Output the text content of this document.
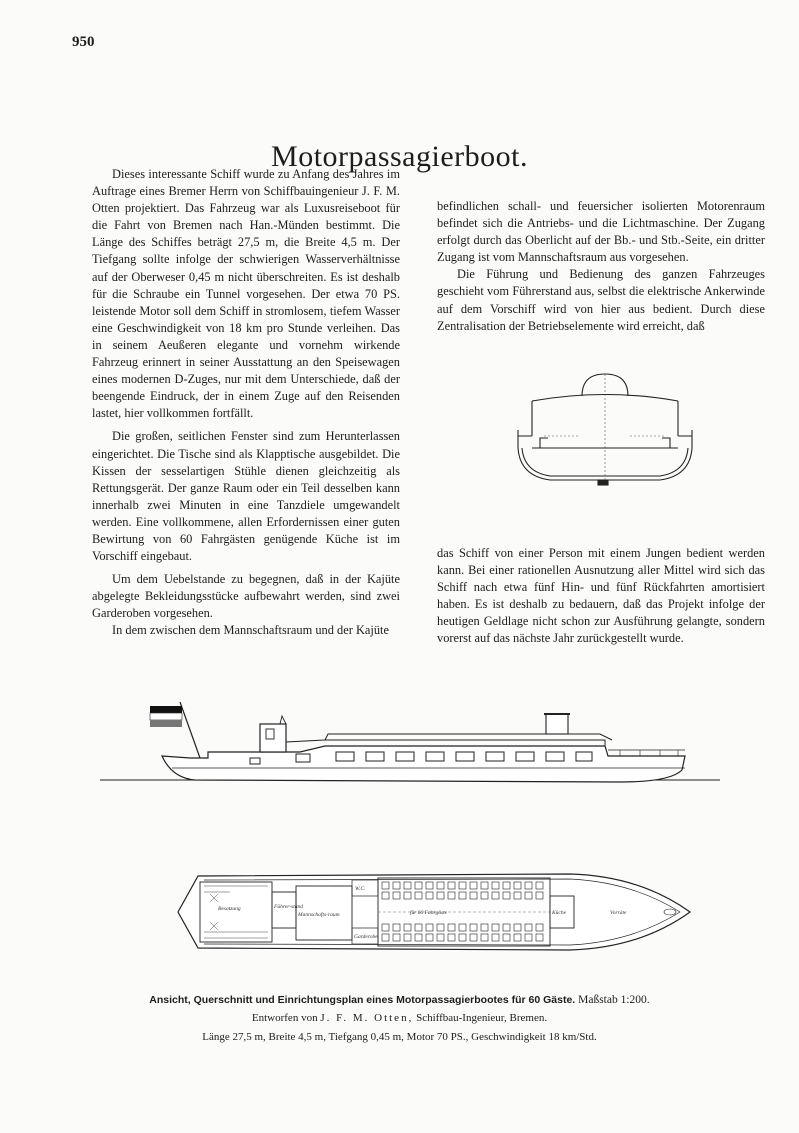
950
Motorpassagierboot.

Dieses interessante Schiff wurde zu Anfang des Jahres im Auftrage eines Bremer Herrn von Schiffbauingenieur J. F. M. Otten projektiert. Das Fahrzeug war als Luxusreiseboot für die Fahrt von Bremen nach Han.-Münden bestimmt. Die Länge des Schiffes beträgt 27,5 m, die Breite 4,5 m. Der Tiefgang sollte infolge der schwierigen Wasserverhältnisse auf der Oberweser 0,45 m nicht überschreiten. Es ist deshalb für die Schraube ein Tunnel vorgesehen. Der etwa 70 PS. leistende Motor soll dem Schiff in stromlosem, tiefem Wasser eine Geschwindigkeit von 18 km pro Stunde verleihen. Das in seinem Aeußeren elegante und vornehm wirkende Fahrzeug erinnert in seiner Ausstattung an den Speisewagen eines modernen D-Zuges, nur mit dem Unterschiede, daß der beengende Eindruck, der in einem Zuge auf den Reisenden lastet, hier vollkommen fortfällt.

Die großen, seitlichen Fenster sind zum Herunterlassen eingerichtet. Die Tische sind als Klapptische ausgebildet. Die Kissen der sesselartigen Stühle dienen gleichzeitig als Rettungsgerät. Der ganze Raum oder ein Teil desselben kann innerhalb zwei Minuten in eine Tanzdiele umgewandelt werden. Eine vollkommene, allen Erfordernissen einer guten Bewirtung von 60 Fahrgästen genügende Küche ist im Vorschiff eingebaut.

Um dem Uebelstande zu begegnen, daß in der Kajüte abgelegte Bekleidungsstücke aufbewahrt werden, sind zwei Garderoben vorgesehen.

In dem zwischen dem Mannschaftsraum und der Kajüte

befindlichen schall- und feuersicher isolierten Motorenraum befindet sich die Antriebs- und die Lichtmaschine. Der Zugang erfolgt durch das Oberlicht auf der Bb.- und Stb.-Seite, ein dritter Zugang ist vom Mannschaftsraum aus vorgesehen.

Die Führung und Bedienung des ganzen Fahrzeuges geschieht vom Führerstand aus, selbst die elektrische Ankerwinde auf dem Vorschiff wird von hier aus bedient. Durch diese Zentralisation der Betriebselemente wird erreicht, daß

das Schiff von einer Person mit einem Jungen bedient werden kann. Bei einer rationellen Ausnutzung aller Mittel wird sich das Schiff nach etwa fünf Hin- und fünf Rückfahrten amortisiert haben. Es ist deshalb zu bedauern, daß das Projekt infolge der heutigen Geldlage nicht schon zur Ausführung gelangte, sondern vorerst auf das nächste Jahr zurückgestellt wurde.

Besatzung	Führer-stand
Mannschafts-raum
W.C.
Garderobe
für 60 Fahrgäste	Küche	Vorräte
Ansicht, Querschnitt und Einrichtungsplan eines Motorpassagierbootes für 60 Gäste. Maßstab 1:200.
Entworfen von J. F. M. Otten, Schiffbau-Ingenieur, Bremen.
Länge 27,5 m, Breite 4,5 m, Tiefgang 0,45 m, Motor 70 PS., Geschwindigkeit 18 km/Std.
